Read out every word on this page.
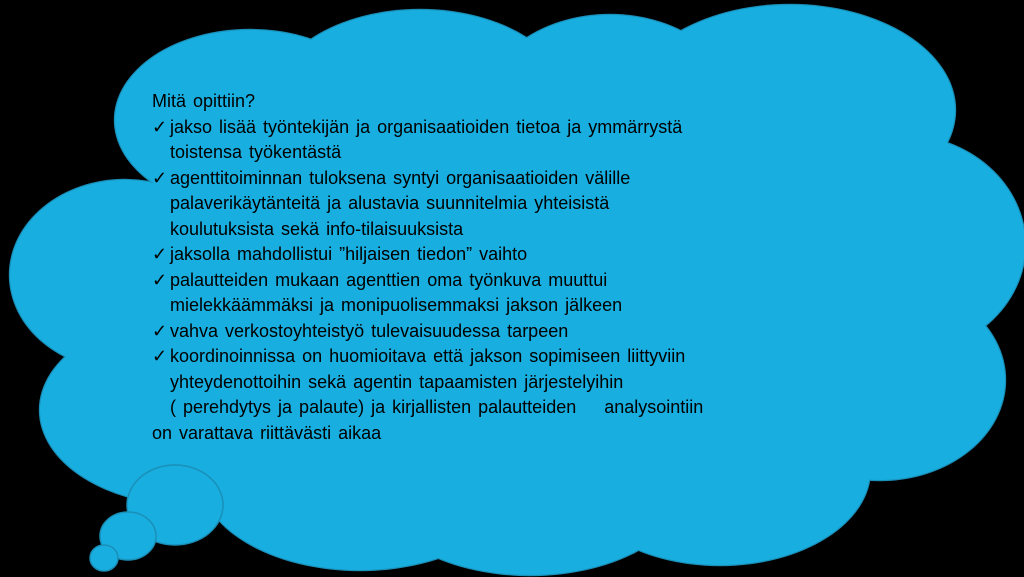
Mitä opittiin?
✓ jakso lisää työntekijän ja organisaatioiden tietoa ja ymmärrystä
toistensa työkentästä
✓ agenttitoiminnan tuloksena syntyi organisaatioiden välille
palaverikäytänteitä ja alustavia suunnitelmia yhteisistä
koulutuksista sekä info-tilaisuuksista
✓ jaksolla mahdollistui ”hiljaisen tiedon” vaihto
✓ palautteiden mukaan agenttien oma työnkuva muuttui
mielekkäämmäksi ja monipuolisemmaksi jakson jälkeen
✓ vahva verkostoyhteistyö tulevaisuudessa tarpeen
✓ koordinoinnissa on huomioitava että jakson sopimiseen liittyviin
yhteydenottoihin sekä agentin tapaamisten järjestelyihin
( perehdytys ja palaute) ja kirjallisten palautteiden analysointiin
on varattava riittävästi aikaa
